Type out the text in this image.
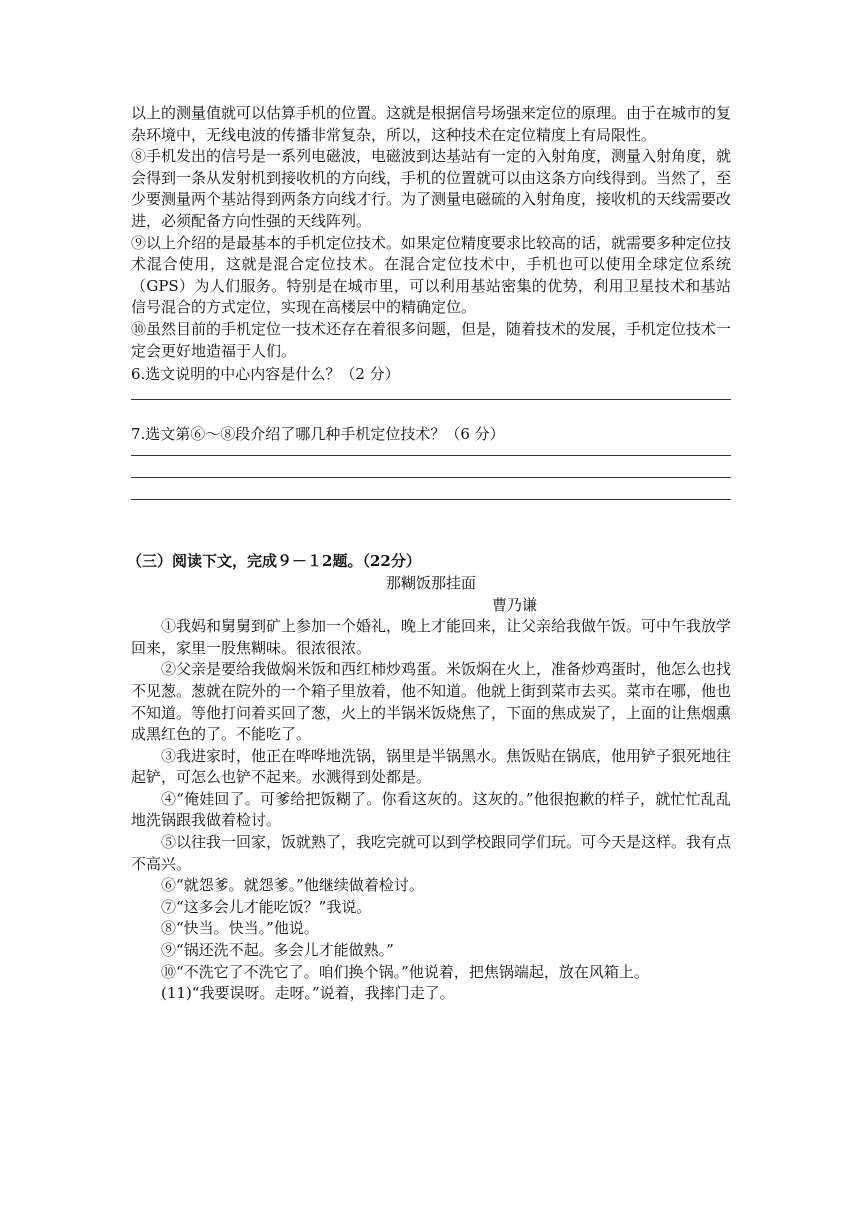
以上的测量值就可以估算手机的位置。这就是根据信号场强来定位的原理。由于在城市的复杂环境中，无线电波的传播非常复杂，所以，这种技术在定位精度上有局限性。

⑧手机发出的信号是一系列电磁波，电磁波到达基站有一定的入射角度，测量入射角度，就会得到一条从发射机到接收机的方向线，手机的位置就可以由这条方向线得到。当然了，至少要测量两个基站得到两条方向线才行。为了测量电磁硫的入射角度，接收机的天线需要改进，必须配备方向性强的天线阵列。

⑨以上介绍的是最基本的手机定位技术。如果定位精度要求比较高的话，就需要多种定位技术混合使用，这就是混合定位技术。在混合定位技术中，手机也可以使用全球定位系统（GPS）为人们服务。特别是在城市里，可以利用基站密集的优势，利用卫星技术和基站信号混合的方式定位，实现在高楼层中的精确定位。

⑩虽然目前的手机定位一技术还存在着很多问题，但是，随着技术的发展，手机定位技术一定会更好地造福于人们。

6.选文说明的中心内容是什么？（2 分）

7.选文第⑥～⑧段介绍了哪几种手机定位技术？（6 分）

（三）阅读下文，完成９－１2题。（22分）

那糊饭那挂面

曹乃谦

①我妈和舅舅到矿上参加一个婚礼，晚上才能回来，让父亲给我做午饭。可中午我放学回来，家里一股焦糊味。很浓很浓。

②父亲是要给我做焖米饭和西红柿炒鸡蛋。米饭焖在火上，准备炒鸡蛋时，他怎么也找不见葱。葱就在院外的一个箱子里放着，他不知道。他就上街到菜市去买。菜市在哪，他也不知道。等他打问着买回了葱，火上的半锅米饭烧焦了，下面的焦成炭了，上面的让焦烟熏成黑红色的了。不能吃了。

③我进家时，他正在哗哗地洗锅，锅里是半锅黑水。焦饭贴在锅底，他用铲子狠死地往起铲，可怎么也铲不起来。水溅得到处都是。

④“俺娃回了。可爹给把饭糊了。你看这灰的。这灰的。”他很抱歉的样子，就忙忙乱乱地洗锅跟我做着检讨。

⑤以往我一回家，饭就熟了，我吃完就可以到学校跟同学们玩。可今天是这样。我有点不高兴。

⑥“就怨爹。就怨爹。”他继续做着检讨。

⑦“这多会儿才能吃饭？”我说。

⑧“快当。快当。”他说。

⑨“锅还洗不起。多会儿才能做熟。”

⑩“不洗它了不洗它了。咱们换个锅。”他说着，把焦锅端起，放在风箱上。

(11)“我要误呀。走呀。”说着，我摔门走了。
